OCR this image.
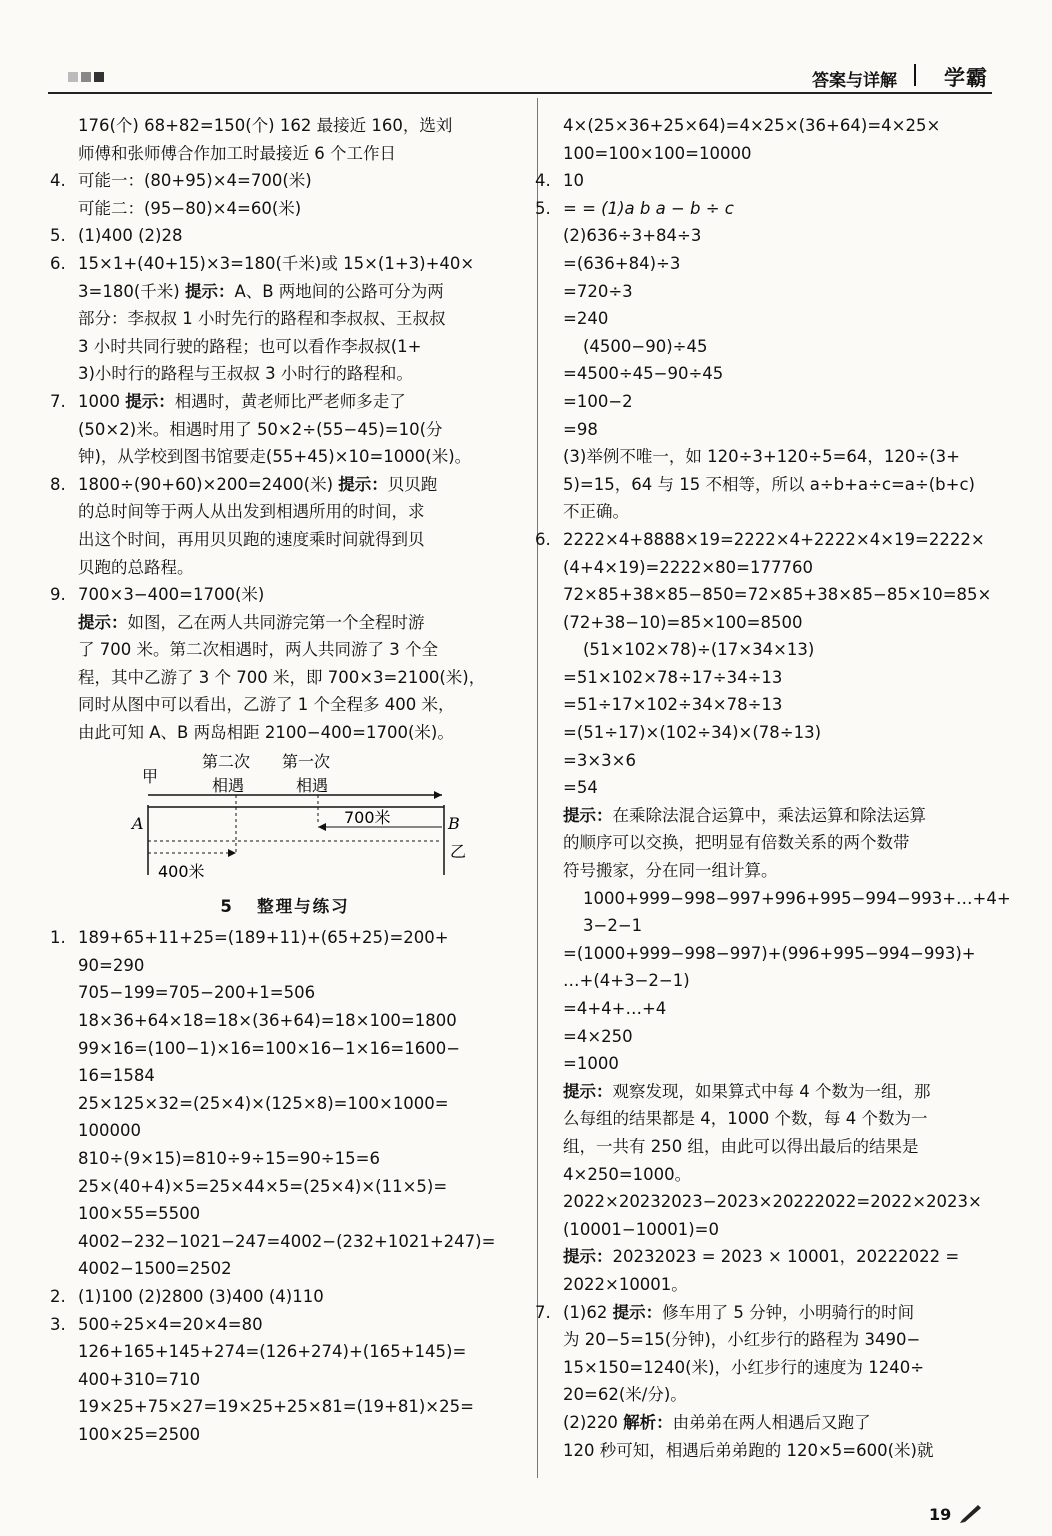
答案与详解 学霸
176(个) 68+82=150(个) 162 最接近 160，选刘
师傅和张师傅合作加工时最接近 6 个工作日
4. 可能一：(80+95)×4=700(米)
可能二：(95−80)×4=60(米)
5. (1)400 (2)28
6. 15×1+(40+15)×3=180(千米)或 15×(1+3)+40×
3=180(千米) 提示：A、B 两地间的公路可分为两
部分：李叔叔 1 小时先行的路程和李叔叔、王叔叔
3 小时共同行驶的路程；也可以看作李叔叔(1+
3)小时行的路程与王叔叔 3 小时行的路程和。
7. 1000 提示：相遇时，黄老师比严老师多走了
(50×2)米。相遇时用了 50×2÷(55−45)=10(分
钟)，从学校到图书馆要走(55+45)×10=1000(米)。
8. 1800÷(90+60)×200=2400(米) 提示：贝贝跑
的总时间等于两人从出发到相遇所用的时间，求
出这个时间，再用贝贝跑的速度乘时间就得到贝
贝跑的总路程。
9. 700×3−400=1700(米)
提示：如图，乙在两人共同游完第一个全程时游
了 700 米。第二次相遇时，两人共同游了 3 个全
程，其中乙游了 3 个 700 米，即 700×3=2100(米)，
同时从图中可以看出，乙游了 1 个全程多 400 米，
由此可知 A、B 两岛相距 2100−400=1700(米)。
第二次 第一次
甲	相遇	相遇
A	B
700米
乙
400米
5 整理与练习
1. 189+65+11+25=(189+11)+(65+25)=200+
90=290
705−199=705−200+1=506
18×36+64×18=18×(36+64)=18×100=1800
99×16=(100−1)×16=100×16−1×16=1600−
16=1584
25×125×32=(25×4)×(125×8)=100×1000=
100000
810÷(9×15)=810÷9÷15=90÷15=6
25×(40+4)×5=25×44×5=(25×4)×(11×5)=
100×55=5500
4002−232−1021−247=4002−(232+1021+247)=
4002−1500=2502
2. (1)100 (2)2800 (3)400 (4)110
3. 500÷25×4=20×4=80
126+165+145+274=(126+274)+(165+145)=
400+310=710
19×25+75×27=19×25+25×81=(19+81)×25=
100×25=2500
4×(25×36+25×64)=4×25×(36+64)=4×25×
100=100×100=10000
4. 10
5. = = (1)a b a − b ÷ c
(2)636÷3+84÷3
=(636+84)÷3
=720÷3
=240
(4500−90)÷45
=4500÷45−90÷45
=100−2
=98
(3)举例不唯一，如 120÷3+120÷5=64，120÷(3+
5)=15，64 与 15 不相等，所以 a÷b+a÷c=a÷(b+c)
不正确。
6. 2222×4+8888×19=2222×4+2222×4×19=2222×
(4+4×19)=2222×80=177760
72×85+38×85−850=72×85+38×85−85×10=85×
(72+38−10)=85×100=8500
(51×102×78)÷(17×34×13)
=51×102×78÷17÷34÷13
=51÷17×102÷34×78÷13
=(51÷17)×(102÷34)×(78÷13)
=3×3×6
=54
提示：在乘除法混合运算中，乘法运算和除法运算
的顺序可以交换，把明显有倍数关系的两个数带
符号搬家，分在同一组计算。
1000+999−998−997+996+995−994−993+…+4+
3−2−1
=(1000+999−998−997)+(996+995−994−993)+
…+(4+3−2−1)
=4+4+…+4
=4×250
=1000
提示：观察发现，如果算式中每 4 个数为一组，那
么每组的结果都是 4，1000 个数，每 4 个数为一
组，一共有 250 组，由此可以得出最后的结果是
4×250=1000。
2022×20232023−2023×20222022=2022×2023×
(10001−10001)=0
提示：20232023 = 2023 × 10001，20222022 =
2022×10001。
7. (1)62 提示：修车用了 5 分钟，小明骑行的时间
为 20−5=15(分钟)，小红步行的路程为 3490−
15×150=1240(米)，小红步行的速度为 1240÷
20=62(米/分)。
(2)220 解析：由弟弟在两人相遇后又跑了
120 秒可知，相遇后弟弟跑的 120×5=600(米)就
19
